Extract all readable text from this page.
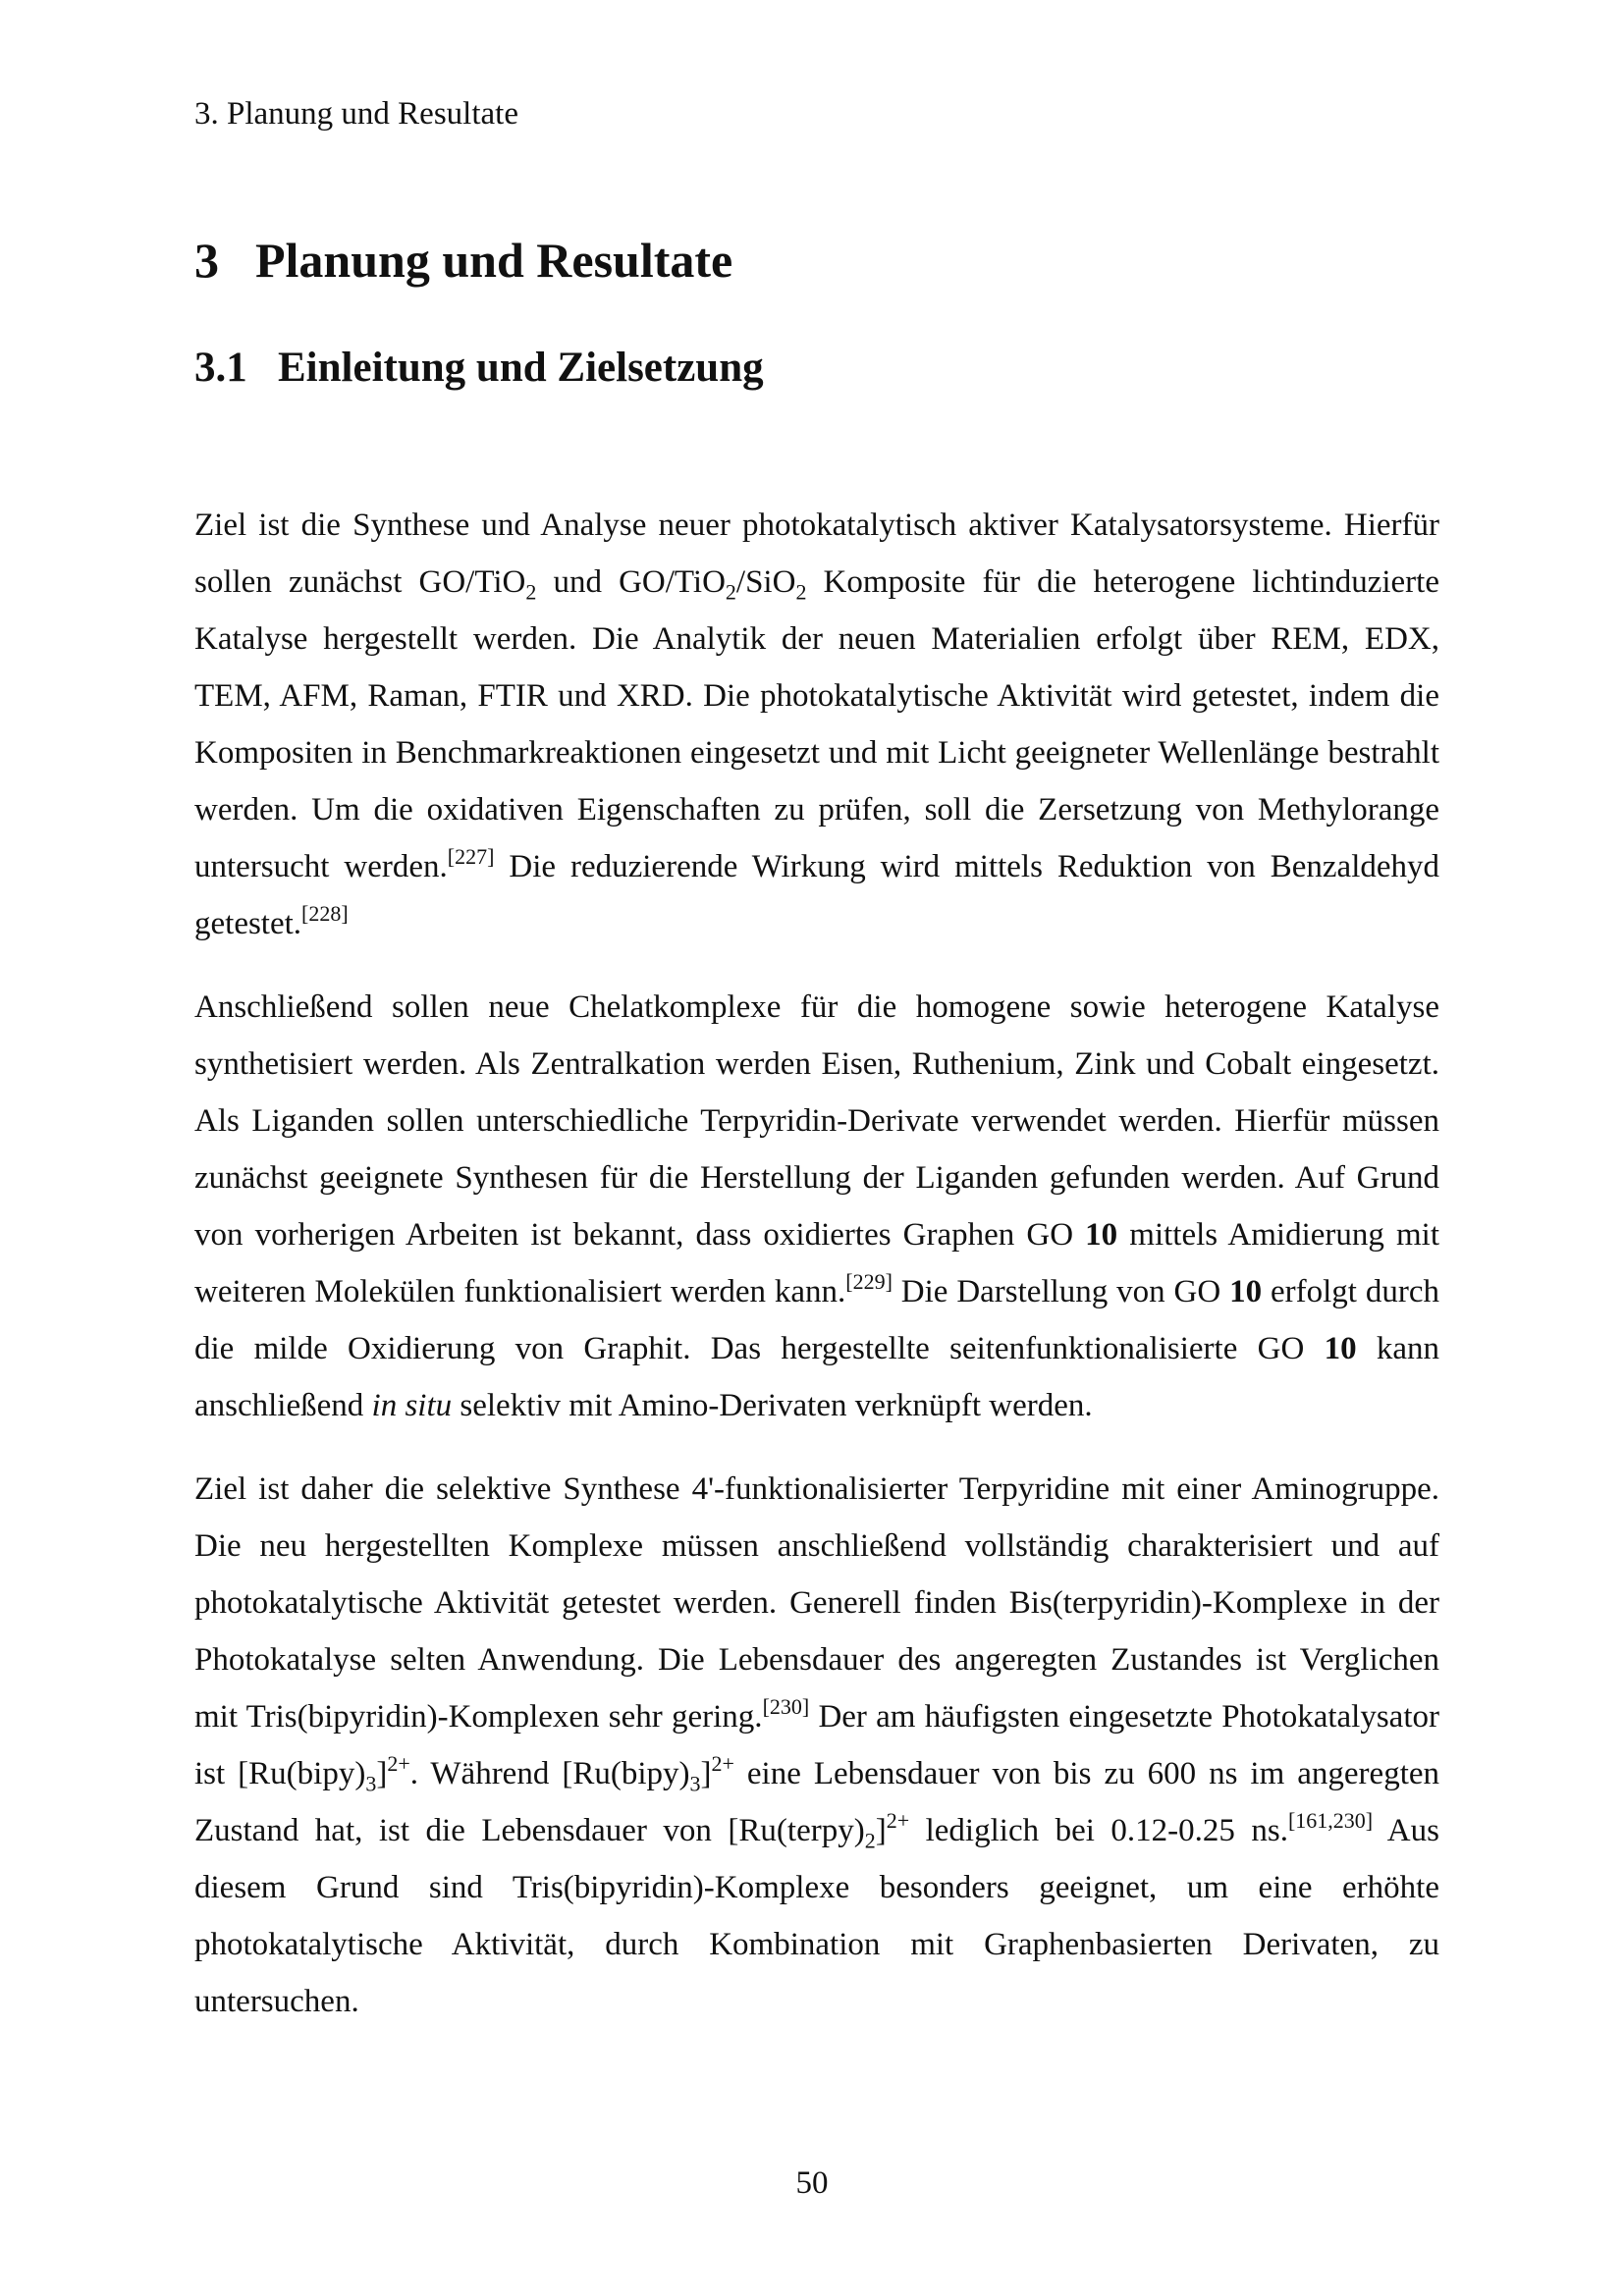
3. Planung und Resultate
3 Planung und Resultate
3.1 Einleitung und Zielsetzung

Ziel ist die Synthese und Analyse neuer photokatalytisch aktiver Katalysatorsysteme. Hierfür sollen zunächst GO/TiO$_2$ und GO/TiO$_2$/SiO$_2$ Komposite für die heterogene lichtinduzierte Katalyse hergestellt werden. Die Analytik der neuen Materialien erfolgt über REM, EDX, TEM, AFM, Raman, FTIR und XRD. Die photokatalytische Aktivität wird getestet, indem die Kompositen in Benchmarkreaktionen eingesetzt und mit Licht geeigneter Wellenlänge bestrahlt werden. Um die oxidativen Eigenschaften zu prüfen, soll die Zersetzung von Methylorange untersucht werden.[227] Die reduzierende Wirkung wird mittels Reduktion von Benzaldehyd getestet.[228]

Anschließend sollen neue Chelatkomplexe für die homogene sowie heterogene Katalyse synthetisiert werden. Als Zentralkation werden Eisen, Ruthenium, Zink und Cobalt eingesetzt. Als Liganden sollen unterschiedliche Terpyridin-Derivate verwendet werden. Hierfür müssen zunächst geeignete Synthesen für die Herstellung der Liganden gefunden werden. Auf Grund von vorherigen Arbeiten ist bekannt, dass oxidiertes Graphen GO 10 mittels Amidierung mit weiteren Molekülen funktionalisiert werden kann.[229] Die Darstellung von GO 10 erfolgt durch die milde Oxidierung von Graphit. Das hergestellte seitenfunktionalisierte GO 10 kann anschließend in situ selektiv mit Amino-Derivaten verknüpft werden.

Ziel ist daher die selektive Synthese 4'-funktionalisierter Terpyridine mit einer Aminogruppe. Die neu hergestellten Komplexe müssen anschließend vollständig charakterisiert und auf photokatalytische Aktivität getestet werden. Generell finden Bis(terpyridin)-Komplexe in der Photokatalyse selten Anwendung. Die Lebensdauer des angeregten Zustandes ist Verglichen mit Tris(bipyridin)-Komplexen sehr gering.[230] Der am häufigsten eingesetzte Photokatalysator ist $[Ru(bipy)_3]^{2+}$. Während $[Ru(bipy)_3]^{2+}$ eine Lebensdauer von bis zu 600 ns im angeregten Zustand hat, ist die Lebensdauer von $[Ru(terpy)_2]^{2+}$ lediglich bei 0.12-0.25 ns.[161,230] Aus diesem Grund sind Tris(bipyridin)-Komplexe besonders geeignet, um eine erhöhte photokatalytische Aktivität, durch Kombination mit Graphenbasierten Derivaten, zu untersuchen.

50
